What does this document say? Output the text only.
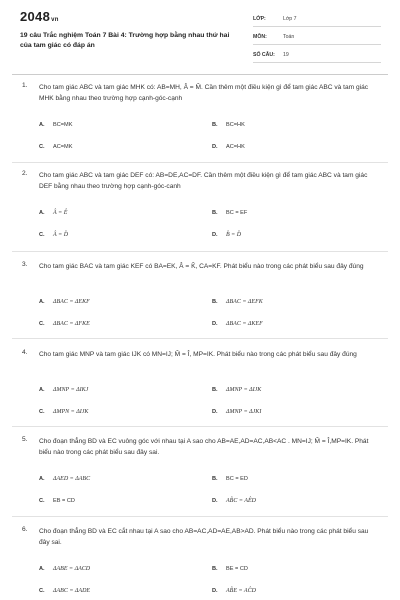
2048vn
19 câu Trắc nghiệm Toán 7 Bài 4: Trường hợp bằng nhau thứ hai của tam giác có đáp án
LỚP:	Lớp 7
MÔN:	Toán
SỐ CÂU: 19
1. Cho tam giác ABC và tam giác MHK có: AB=MH, Â = M̂. Cần thêm một điều kiện gì để tam giác ABC và tam giác MHK bằng nhau theo trường hợp cạnh-góc-cạnh
A. BC=MK	B. BC=HK
C. AC=MK	D. AC=HK
2. Cho tam giác ABC và tam giác DEF có: AB=DE,AC=DF. Cần thêm một điều kiện gì để tam giác ABC và tam giác DEF bằng nhau theo trường hợp cạnh-góc-canh
A. Â = Ê	B. BC = EF
C. Â = D̂	D. B̂ = D̂
3. Cho tam giác BAC và tam giác KEF có BA=EK, Â = K̂, CA=KF. Phát biểu nào trong các phát biểu sau đây đúng
A. ΔBAC = ΔEKF	B. ΔBAC = ΔEFK
C. ΔBAC = ΔFKE	D. ΔBAC = ΔKEF
4. Cho tam giác MNP và tam giác IJK có MN=IJ; M̂ = Î, MP=IK. Phát biểu nào trong các phát biểu sau đây đúng
A. ΔMNP = ΔIKJ	B. ΔMNP = ΔIJK
C. ΔMPN = ΔIJK	D. ΔMNP = ΔJKI
5. Cho đoạn thẳng BD và EC vuông góc với nhau tại A sao cho AB=AE,AD=AC,AB<AC . MN=IJ; M̂ = Î,MP=IK. Phát biểu nào trong các phát biểu sau đây sai.
A. ΔAED = ΔABC	B. BC = ED
C. EB = CD	D. AB̂C = AÊD
6. Cho đoạn thẳng BD và EC cắt nhau tại A sao cho AB=AC,AD=AE,AB>AD. Phát biểu nào trong các phát biểu sau đây sai.
A. ΔABE = ΔACD	B. BE = CD
C. ΔABC = ΔADE	D. AB̂E = AĈD
